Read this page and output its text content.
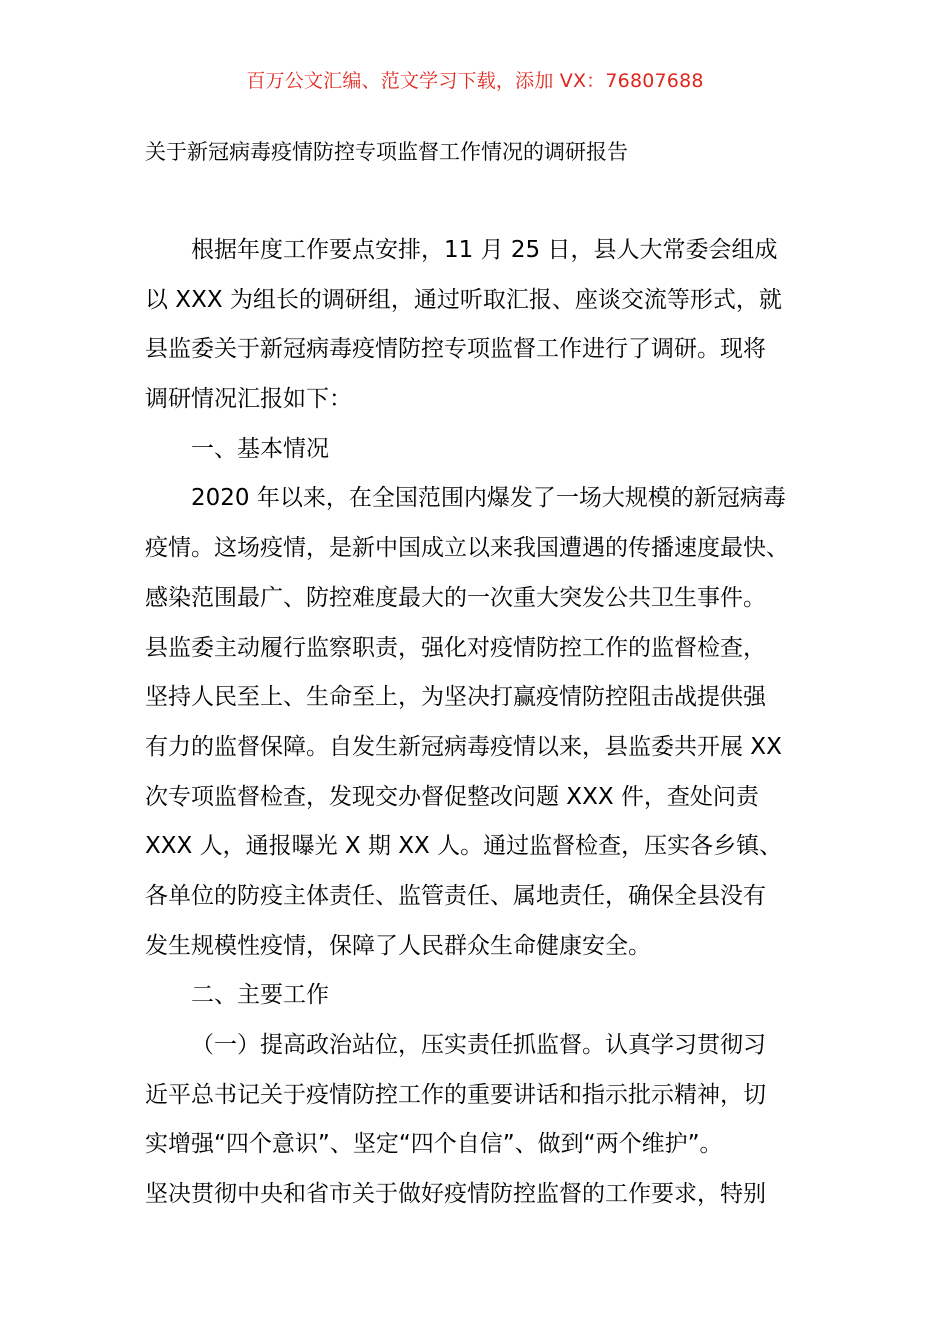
百万公文汇编、范文学习下载，添加 VX：76807688
关于新冠病毒疫情防控专项监督工作情况的调研报告
根据年度工作要点安排，11 月 25 日，县人大常委会组成
以 XXX 为组长的调研组，通过听取汇报、座谈交流等形式，就
县监委关于新冠病毒疫情防控专项监督工作进行了调研。现将
调研情况汇报如下：
一、基本情况
2020 年以来，在全国范围内爆发了一场大规模的新冠病毒
疫情。这场疫情，是新中国成立以来我国遭遇的传播速度最快、
感染范围最广、防控难度最大的一次重大突发公共卫生事件。
县监委主动履行监察职责，强化对疫情防控工作的监督检查，
坚持人民至上、生命至上，为坚决打赢疫情防控阻击战提供强
有力的监督保障。自发生新冠病毒疫情以来，县监委共开展 XX
次专项监督检查，发现交办督促整改问题 XXX 件，查处问责
XXX 人，通报曝光 X 期 XX 人。通过监督检查，压实各乡镇、
各单位的防疫主体责任、监管责任、属地责任，确保全县没有
发生规模性疫情，保障了人民群众生命健康安全。
二、主要工作
（一）提高政治站位，压实责任抓监督。认真学习贯彻习
近平总书记关于疫情防控工作的重要讲话和指示批示精神，切
实增强“四个意识”、坚定“四个自信”、做到“两个维护”。
坚决贯彻中央和省市关于做好疫情防控监督的工作要求，特别
